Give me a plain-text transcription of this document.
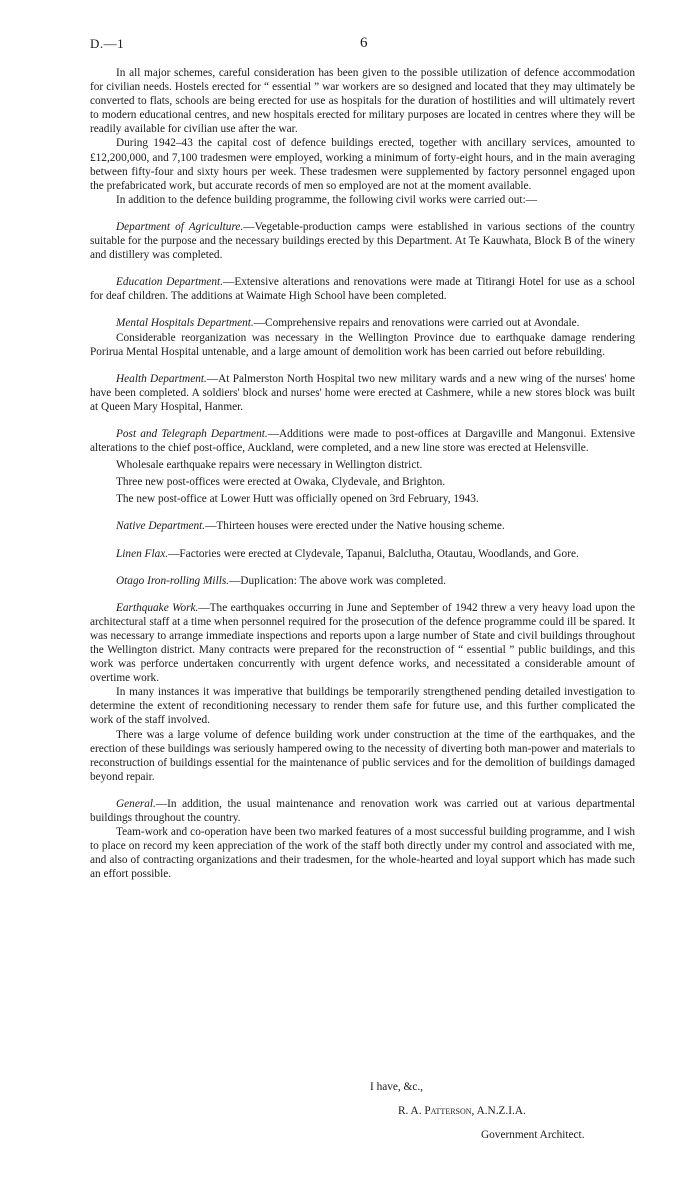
D.—1	6

In all major schemes, careful consideration has been given to the possible utilization of defence accommodation for civilian needs. Hostels erected for “ essential ” war workers are so designed and located that they may ultimately be converted to flats, schools are being erected for use as hospitals for the duration of hostilities and will ultimately revert to modern educational centres, and new hospitals erected for military purposes are located in centres where they will be readily available for civilian use after the war.

During 1942–43 the capital cost of defence buildings erected, together with ancillary services, amounted to £12,200,000, and 7,100 tradesmen were employed, working a minimum of forty-eight hours, and in the main averaging between fifty-four and sixty hours per week. These tradesmen were supplemented by factory personnel engaged upon the prefabricated work, but accurate records of men so employed are not at the moment available.

In addition to the defence building programme, the following civil works were carried out:—

Department of Agriculture.—Vegetable-production camps were established in various sections of the country suitable for the purpose and the necessary buildings erected by this Department. At Te Kauwhata, Block B of the winery and distillery was completed.

Education Department.—Extensive alterations and renovations were made at Titirangi Hotel for use as a school for deaf children. The additions at Waimate High School have been completed.

Mental Hospitals Department.—Comprehensive repairs and renovations were carried out at Avondale.

Considerable reorganization was necessary in the Wellington Province due to earthquake damage rendering Porirua Mental Hospital untenable, and a large amount of demolition work has been carried out before rebuilding.

Health Department.—At Palmerston North Hospital two new military wards and a new wing of the nurses' home have been completed. A soldiers' block and nurses' home were erected at Cashmere, while a new stores block was built at Queen Mary Hospital, Hanmer.

Post and Telegraph Department.—Additions were made to post-offices at Dargaville and Mangonui. Extensive alterations to the chief post-office, Auckland, were completed, and a new line store was erected at Helensville.

Wholesale earthquake repairs were necessary in Wellington district.

Three new post-offices were erected at Owaka, Clydevale, and Brighton.

The new post-office at Lower Hutt was officially opened on 3rd February, 1943.

Native Department.—Thirteen houses were erected under the Native housing scheme.

Linen Flax.—Factories were erected at Clydevale, Tapanui, Balclutha, Otautau, Woodlands, and Gore.

Otago Iron-rolling Mills.—Duplication: The above work was completed.

Earthquake Work.—The earthquakes occurring in June and September of 1942 threw a very heavy load upon the architectural staff at a time when personnel required for the prosecution of the defence programme could ill be spared. It was necessary to arrange immediate inspections and reports upon a large number of State and civil buildings throughout the Wellington district. Many contracts were prepared for the reconstruction of “ essential ” public buildings, and this work was perforce undertaken concurrently with urgent defence works, and necessitated a considerable amount of overtime work.

In many instances it was imperative that buildings be temporarily strengthened pending detailed investigation to determine the extent of reconditioning necessary to render them safe for future use, and this further complicated the work of the staff involved.

There was a large volume of defence building work under construction at the time of the earthquakes, and the erection of these buildings was seriously hampered owing to the necessity of diverting both man-power and materials to reconstruction of buildings essential for the maintenance of public services and for the demolition of buildings damaged beyond repair.

General.—In addition, the usual maintenance and renovation work was carried out at various departmental buildings throughout the country.

Team-work and co-operation have been two marked features of a most successful building programme, and I wish to place on record my keen appreciation of the work of the staff both directly under my control and associated with me, and also of contracting organizations and their tradesmen, for the whole-hearted and loyal support which has made such an effort possible.

I have, &c.,
R. A. Patterson, A.N.Z.I.A.
Government Architect.
